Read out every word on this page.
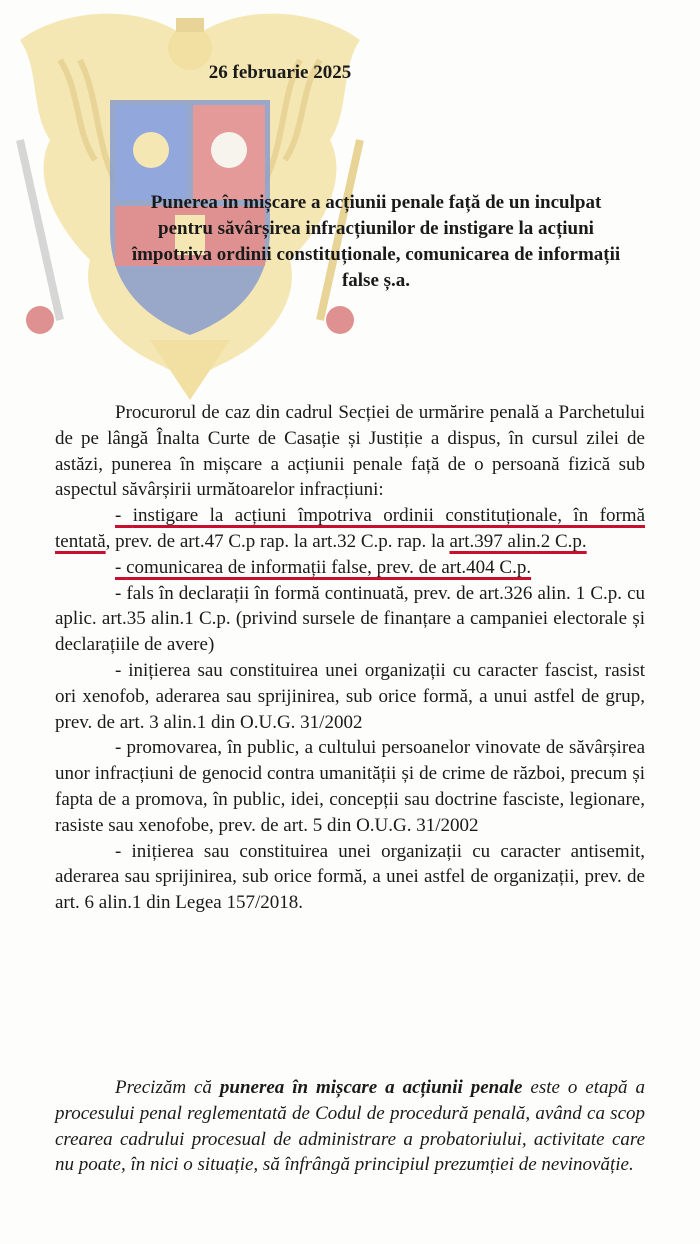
26 februarie 2025
Punerea în mișcare a acțiunii penale față de un inculpat
pentru săvârșirea infracțiunilor de instigare la acțiuni
împotriva ordinii constituționale, comunicarea de informații
false ș.a.

Procurorul de caz din cadrul Secției de urmărire penală a Parchetului de pe lângă Înalta Curte de Casație și Justiție a dispus, în cursul zilei de astăzi, punerea în mișcare a acțiunii penale față de o persoană fizică sub aspectul săvârșirii următoarelor infracțiuni:

- instigare la acțiuni împotriva ordinii constituționale, în formă tentată, prev. de art.47 C.p rap. la art.32 C.p. rap. la art.397 alin.2 C.p.

- comunicarea de informații false, prev. de art.404 C.p.

- fals în declarații în formă continuată, prev. de art.326 alin. 1 C.p. cu aplic. art.35 alin.1 C.p. (privind sursele de finanțare a campaniei electorale și declarațiile de avere)

- inițierea sau constituirea unei organizații cu caracter fascist, rasist ori xenofob, aderarea sau sprijinirea, sub orice formă, a unui astfel de grup, prev. de art. 3 alin.1 din O.U.G. 31/2002

- promovarea, în public, a cultului persoanelor vinovate de săvârșirea unor infracțiuni de genocid contra umanității și de crime de război, precum și fapta de a promova, în public, idei, concepții sau doctrine fasciste, legionare, rasiste sau xenofobe, prev. de art. 5 din O.U.G. 31/2002

- inițierea sau constituirea unei organizații cu caracter antisemit, aderarea sau sprijinirea, sub orice formă, a unei astfel de organizații, prev. de art. 6 alin.1 din Legea 157/2018.

Precizăm că punerea în mișcare a acțiunii penale este o etapă a procesului penal reglementată de Codul de procedură penală, având ca scop crearea cadrului procesual de administrare a probatoriului, activitate care nu poate, în nici o situație, să înfrângă principiul prezumției de nevinovăție.
